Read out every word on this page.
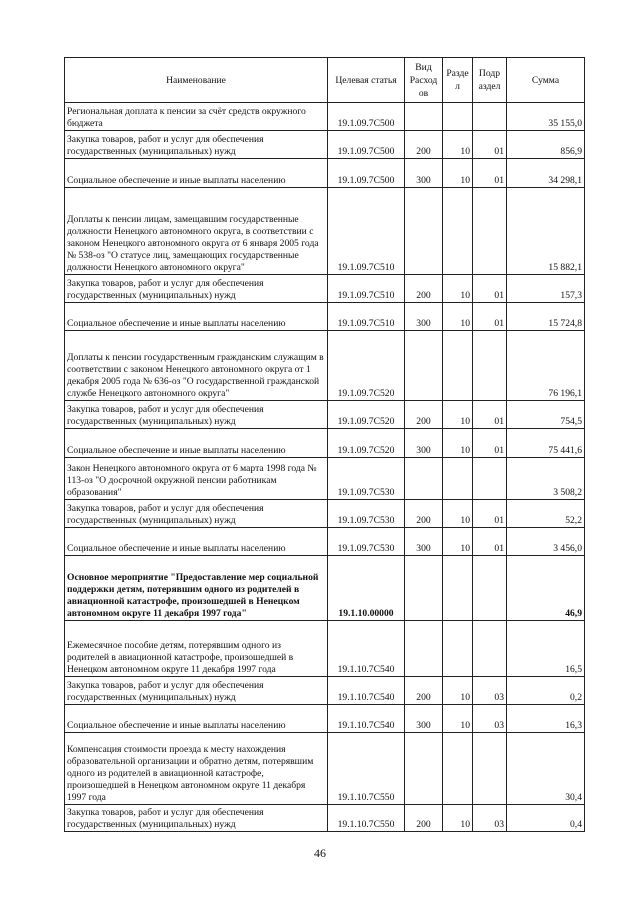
Наименование	Целевая статья	Вид Расход ов	Разде л	Подр аздел	Сумма
Региональная доплата к пенсии за счёт средств окружного бюджета	19.1.09.7С500				35 155,0
Закупка товаров, работ и услуг для обеспечения государственных (муниципальных) нужд	19.1.09.7С500	200	10	01	856,9
Социальное обеспечение и иные выплаты населению	19.1.09.7С500	300	10	01	34 298,1
Доплаты к пенсии лицам, замещавшим государственные должности Ненецкого автономного округа, в соответствии с законом Ненецкого автономного округа от 6 января 2005 года № 538-оз "О статусе лиц, замещающих государственные должности Ненецкого автономного округа"	19.1.09.7С510				15 882,1
Закупка товаров, работ и услуг для обеспечения государственных (муниципальных) нужд	19.1.09.7С510	200	10	01	157,3
Социальное обеспечение и иные выплаты населению	19.1.09.7С510	300	10	01	15 724,8
Доплаты к пенсии государственным гражданским служащим в соответствии с законом Ненецкого автономного округа от 1 декабря 2005 года № 636-оз "О государственной гражданской службе Ненецкого автономного округа"	19.1.09.7С520				76 196,1
Закупка товаров, работ и услуг для обеспечения государственных (муниципальных) нужд	19.1.09.7С520	200	10	01	754,5
Социальное обеспечение и иные выплаты населению	19.1.09.7С520	300	10	01	75 441,6
Закон Ненецкого автономного округа от 6 марта 1998 года № 113-оз "О досрочной окружной пенсии работникам образования"	19.1.09.7С530				3 508,2
Закупка товаров, работ и услуг для обеспечения государственных (муниципальных) нужд	19.1.09.7С530	200	10	01	52,2
Социальное обеспечение и иные выплаты населению	19.1.09.7С530	300	10	01	3 456,0
Основное мероприятие "Предоставление мер социальной поддержки детям, потерявшим одного из родителей в авиационной катастрофе, произошедшей в Ненецком автономном округе 11 декабря 1997 года"	19.1.10.00000				46,9
Ежемесячное пособие детям, потерявшим одного из родителей в авиационной катастрофе, произошедшей в Ненецком автономном округе 11 декабря 1997 года	19.1.10.7С540				16,5
Закупка товаров, работ и услуг для обеспечения государственных (муниципальных) нужд	19.1.10.7С540	200	10	03	0,2
Социальное обеспечение и иные выплаты населению	19.1.10.7С540	300	10	03	16,3
Компенсация стоимости проезда к месту нахождения образовательной организации и обратно детям, потерявшим одного из родителей в авиационной катастрофе, произошедшей в Ненецком автономном округе 11 декабря 1997 года	19.1.10.7С550				30,4
Закупка товаров, работ и услуг для обеспечения государственных (муниципальных) нужд	19.1.10.7С550	200	10	03	0,4
46
